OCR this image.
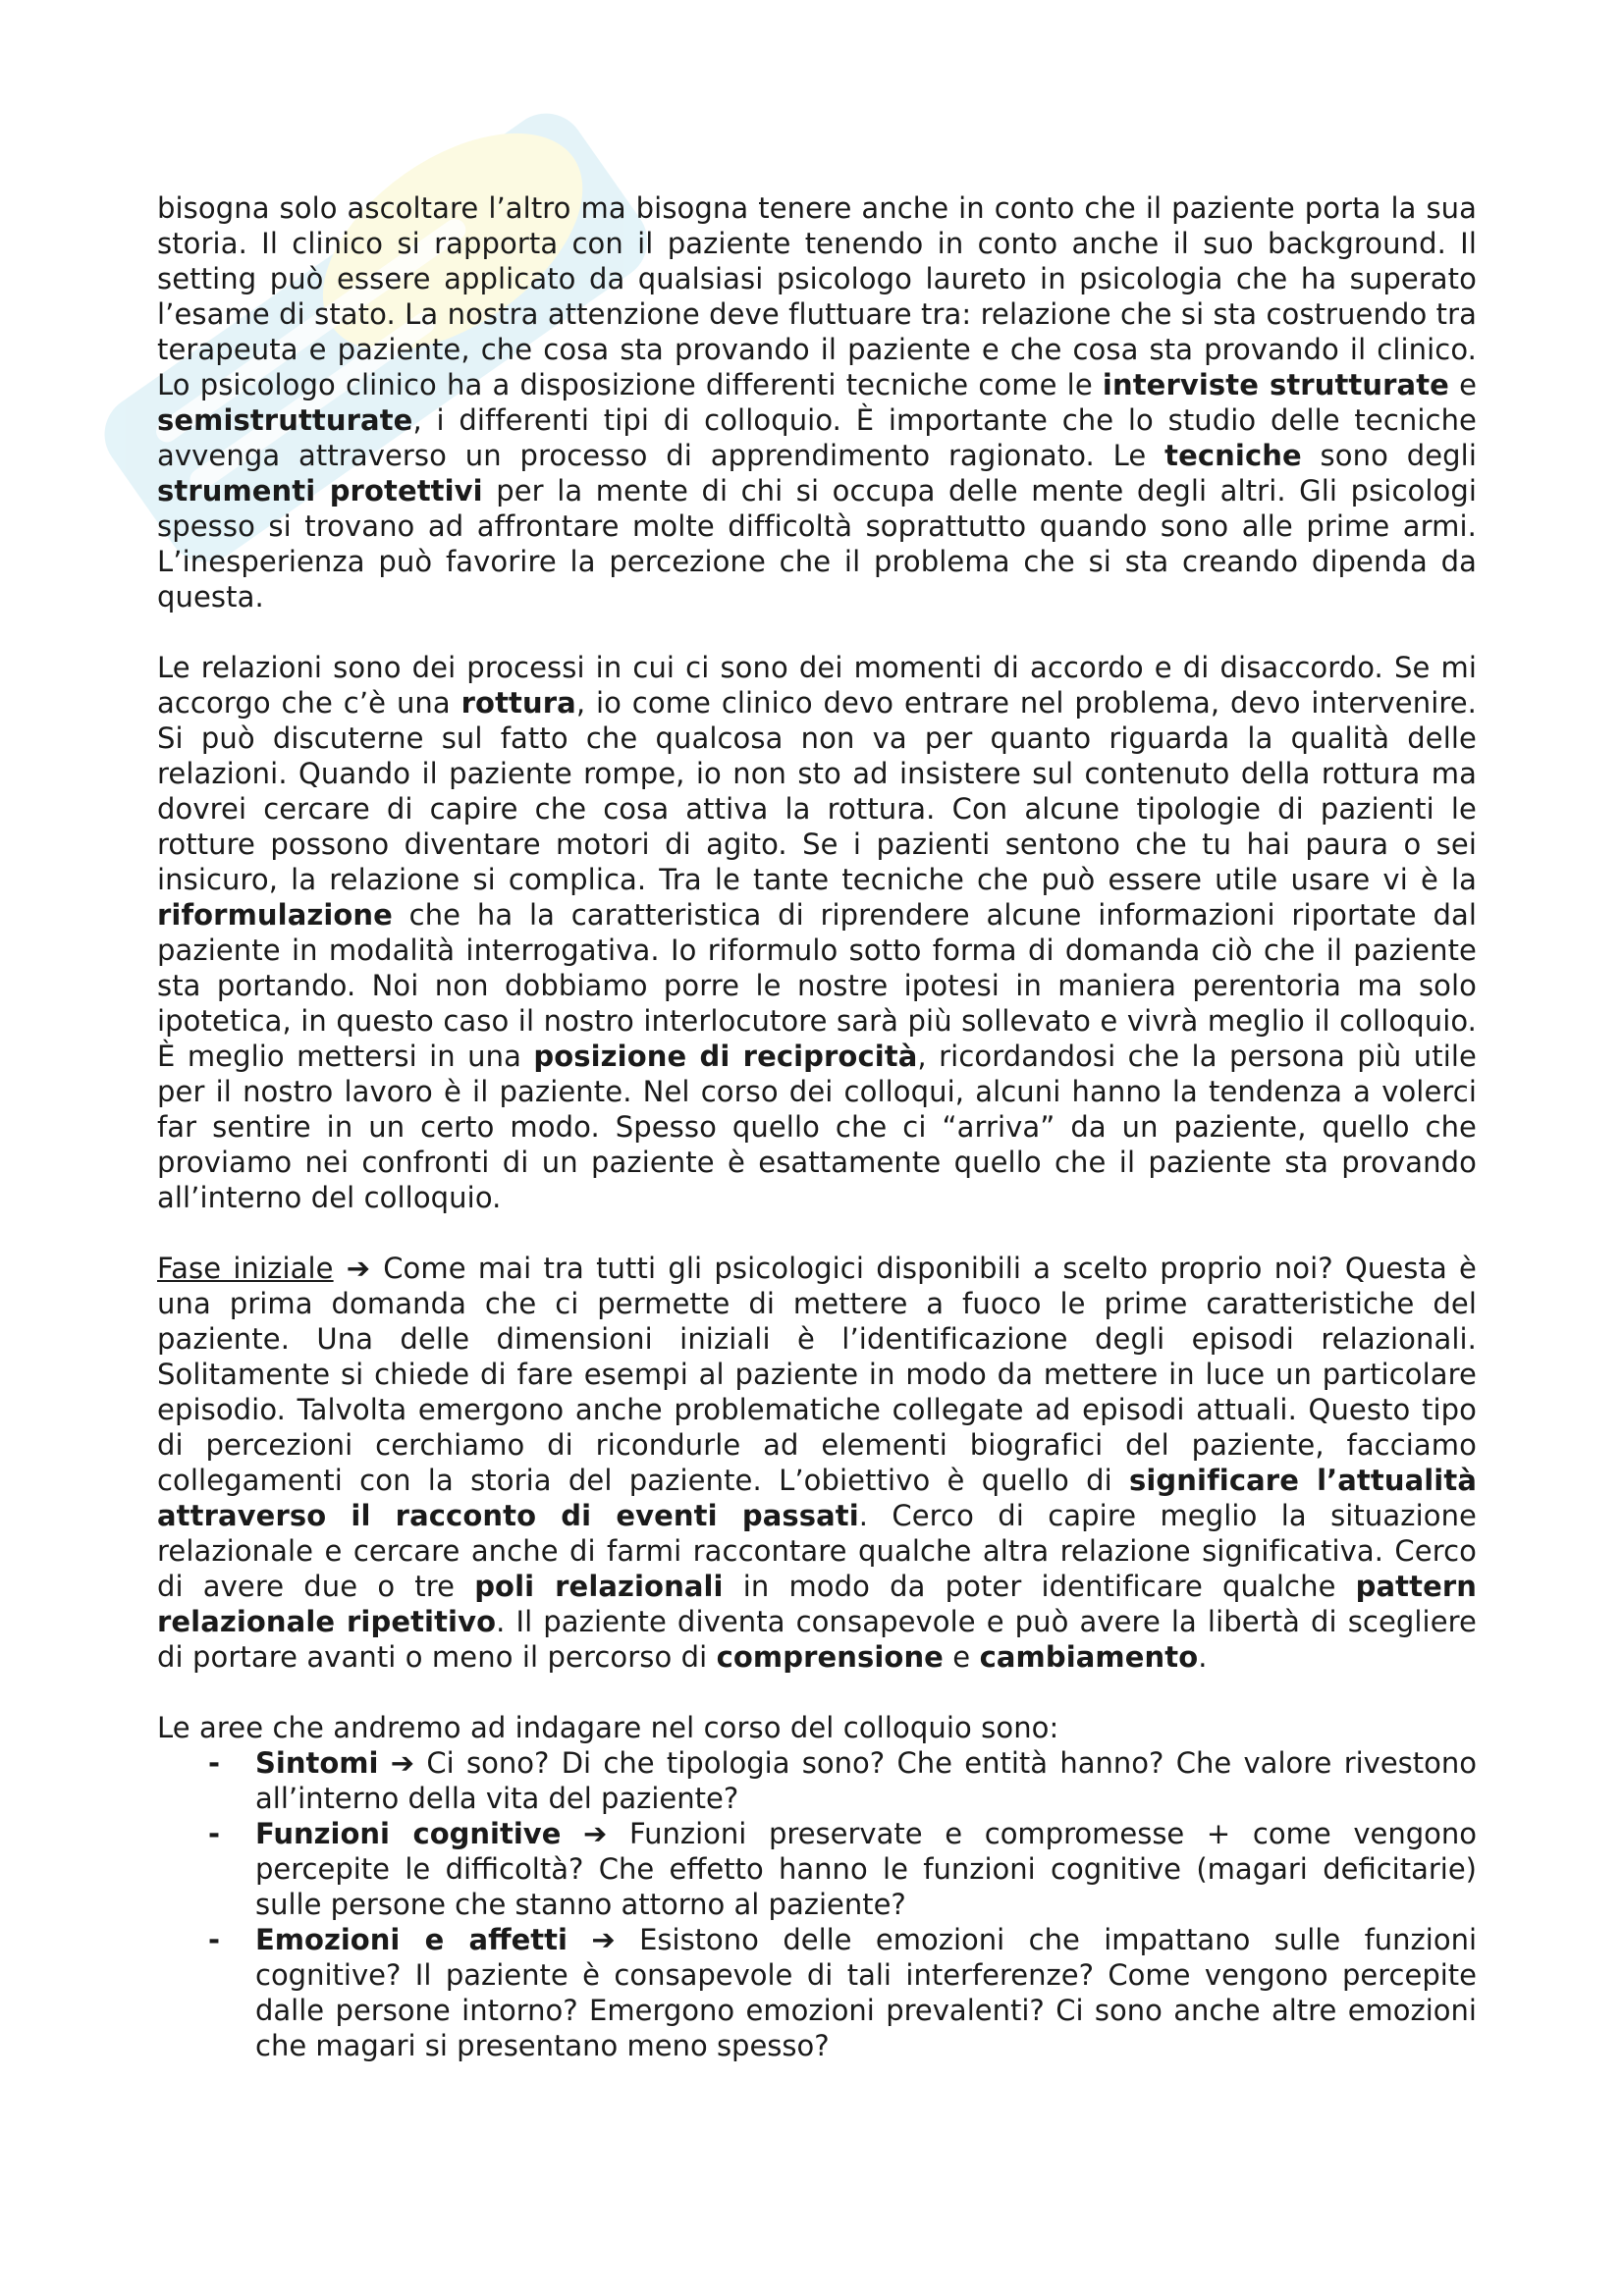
bisogna solo ascoltare l’altro ma bisogna tenere anche in conto che il paziente porta la sua storia. Il clinico si rapporta con il paziente tenendo in conto anche il suo background. Il setting può essere applicato da qualsiasi psicologo laureto in psicologia che ha superato l’esame di stato. La nostra attenzione deve fluttuare tra: relazione che si sta costruendo tra terapeuta e paziente, che cosa sta provando il paziente e che cosa sta provando il clinico. Lo psicologo clinico ha a disposizione differenti tecniche come le interviste strutturate e semistrutturate, i differenti tipi di colloquio. È importante che lo studio delle tecniche avvenga attraverso un processo di apprendimento ragionato. Le tecniche sono degli strumenti protettivi per la mente di chi si occupa delle mente degli altri. Gli psicologi spesso si trovano ad affrontare molte difficoltà soprattutto quando sono alle prime armi. L’inesperienza può favorire la percezione che il problema che si sta creando dipenda da questa.

Le relazioni sono dei processi in cui ci sono dei momenti di accordo e di disaccordo. Se mi accorgo che c’è una rottura, io come clinico devo entrare nel problema, devo intervenire. Si può discuterne sul fatto che qualcosa non va per quanto riguarda la qualità delle relazioni. Quando il paziente rompe, io non sto ad insistere sul contenuto della rottura ma dovrei cercare di capire che cosa attiva la rottura. Con alcune tipologie di pazienti le rotture possono diventare motori di agito. Se i pazienti sentono che tu hai paura o sei insicuro, la relazione si complica. Tra le tante tecniche che può essere utile usare vi è la riformulazione che ha la caratteristica di riprendere alcune informazioni riportate dal paziente in modalità interrogativa. Io riformulo sotto forma di domanda ciò che il paziente sta portando. Noi non dobbiamo porre le nostre ipotesi in maniera perentoria ma solo ipotetica, in questo caso il nostro interlocutore sarà più sollevato e vivrà meglio il colloquio. È meglio mettersi in una posizione di reciprocità, ricordandosi che la persona più utile per il nostro lavoro è il paziente. Nel corso dei colloqui, alcuni hanno la tendenza a volerci far sentire in un certo modo. Spesso quello che ci “arriva” da un paziente, quello che proviamo nei confronti di un paziente è esattamente quello che il paziente sta provando all’interno del colloquio.

Fase iniziale ➔ Come mai tra tutti gli psicologici disponibili a scelto proprio noi? Questa è una prima domanda che ci permette di mettere a fuoco le prime caratteristiche del paziente. Una delle dimensioni iniziali è l’identificazione degli episodi relazionali. Solitamente si chiede di fare esempi al paziente in modo da mettere in luce un particolare episodio. Talvolta emergono anche problematiche collegate ad episodi attuali. Questo tipo di percezioni cerchiamo di ricondurle ad elementi biografici del paziente, facciamo collegamenti con la storia del paziente. L’obiettivo è quello di significare l’attualità attraverso il racconto di eventi passati. Cerco di capire meglio la situazione relazionale e cercare anche di farmi raccontare qualche altra relazione significativa. Cerco di avere due o tre poli relazionali in modo da poter identificare qualche pattern relazionale ripetitivo. Il paziente diventa consapevole e può avere la libertà di scegliere di portare avanti o meno il percorso di comprensione e cambiamento.

Le aree che andremo ad indagare nel corso del colloquio sono:

- Sintomi ➔ Ci sono? Di che tipologia sono? Che entità hanno? Che valore rivestono all’interno della vita del paziente?
- Funzioni cognitive ➔ Funzioni preservate e compromesse + come vengono percepite le difficoltà? Che effetto hanno le funzioni cognitive (magari deficitarie) sulle persone che stanno attorno al paziente?
- Emozioni e affetti ➔ Esistono delle emozioni che impattano sulle funzioni cognitive? Il paziente è consapevole di tali interferenze? Come vengono percepite dalle persone intorno? Emergono emozioni prevalenti? Ci sono anche altre emozioni che magari si presentano meno spesso?
